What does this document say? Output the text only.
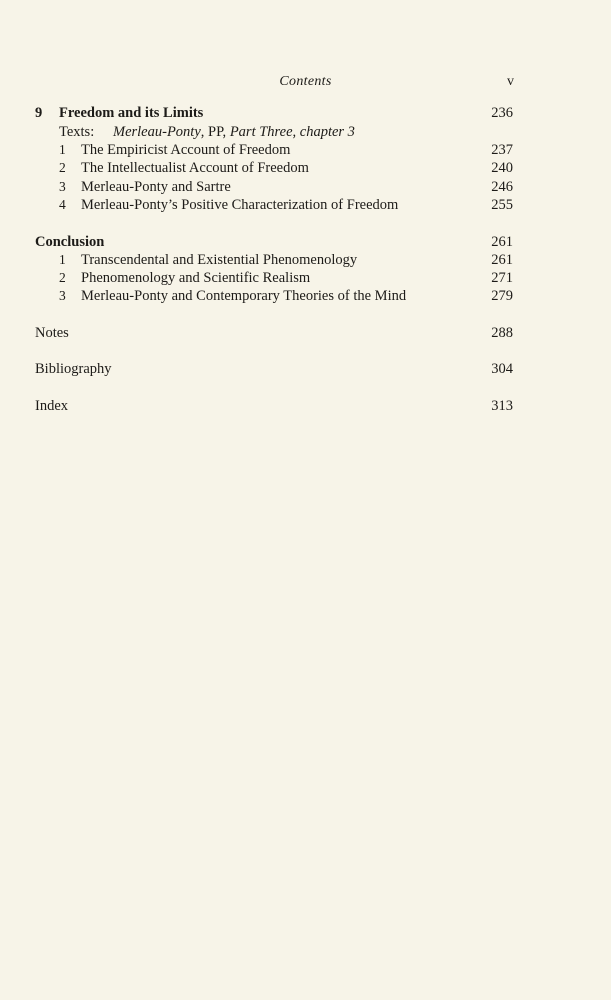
Contents	v
9 Freedom and its Limits	236
Texts: Merleau-Ponty, PP, Part Three, chapter 3
1 The Empiricist Account of Freedom	237
2 The Intellectualist Account of Freedom	240
3 Merleau-Ponty and Sartre	246
4 Merleau-Ponty’s Positive Characterization of Freedom	255
Conclusion	261
1 Transcendental and Existential Phenomenology	261
2 Phenomenology and Scientific Realism	271
3 Merleau-Ponty and Contemporary Theories of the Mind	279
Notes	288
Bibliography	304
Index	313
